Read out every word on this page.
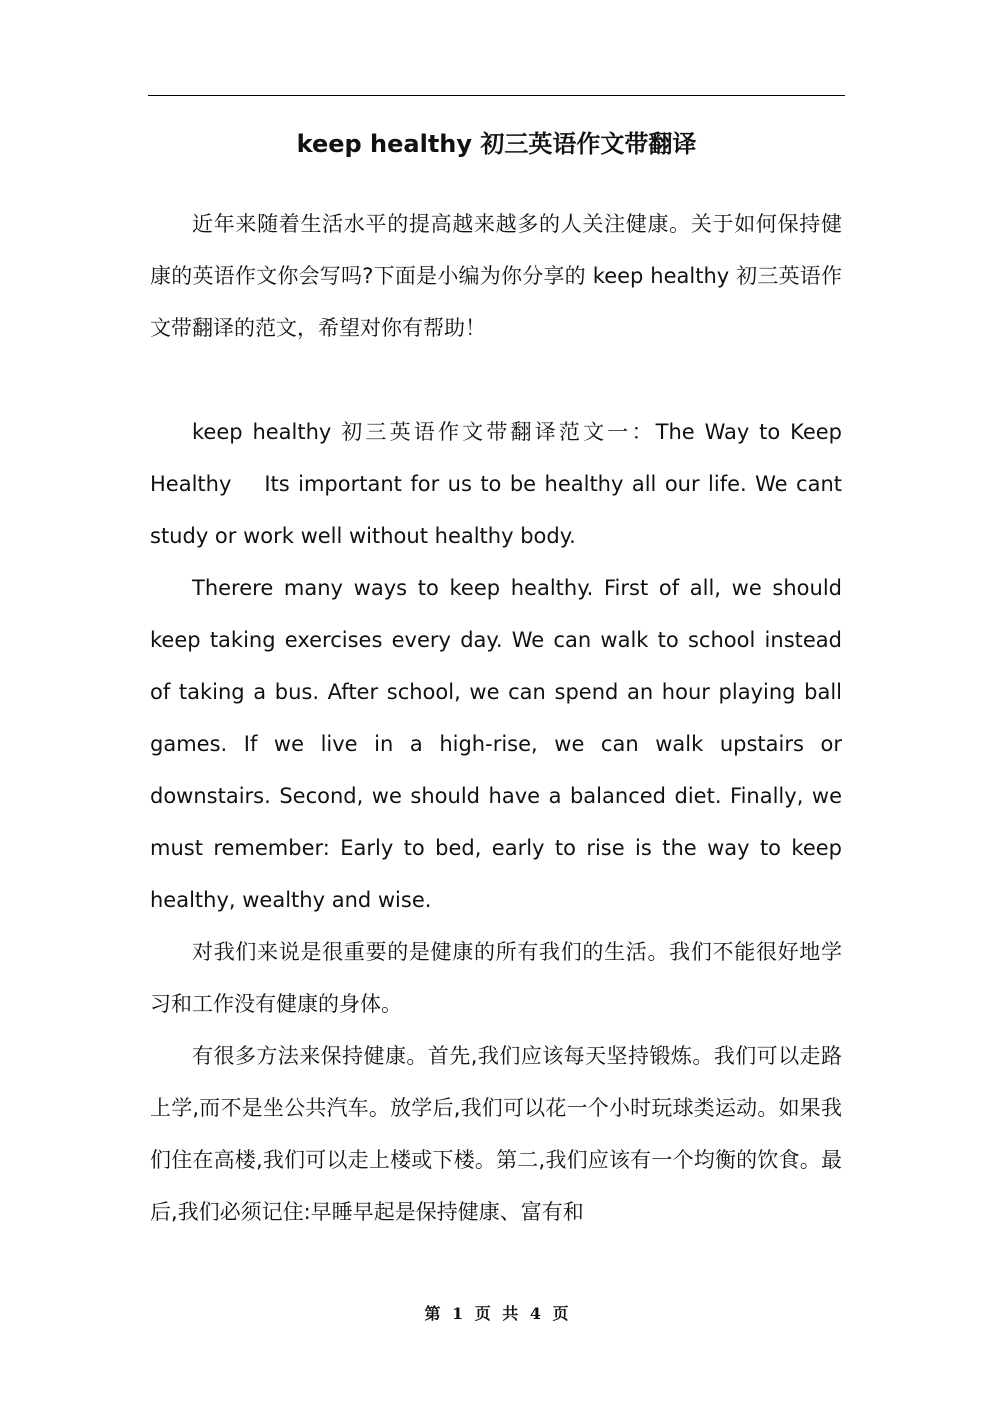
keep healthy 初三英语作文带翻译

近年来随着生活水平的提高越来越多的人关注健康。关于如何保持健康的英语作文你会写吗?下面是小编为你分享的 keep healthy 初三英语作文带翻译的范文，希望对你有帮助！

keep healthy 初三英语作文带翻译范文一：The Way to Keep Healthy　 Its important for us to be healthy all our life. We cant study or work well without healthy body.

Therere many ways to keep healthy. First of all, we should keep taking exercises every day. We can walk to school instead of taking a bus. After school, we can spend an hour playing ball games. If we live in a high-rise, we can walk upstairs or downstairs. Second, we should have a balanced diet. Finally, we must remember: Early to bed, early to rise is the way to keep healthy, wealthy and wise.

对我们来说是很重要的是健康的所有我们的生活。我们不能很好地学习和工作没有健康的身体。

有很多方法来保持健康。首先,我们应该每天坚持锻炼。我们可以走路上学,而不是坐公共汽车。放学后,我们可以花一个小时玩球类运动。如果我们住在高楼,我们可以走上楼或下楼。第二,我们应该有一个均衡的饮食。最后,我们必须记住:早睡早起是保持健康、富有和

第 1 页 共 4 页
